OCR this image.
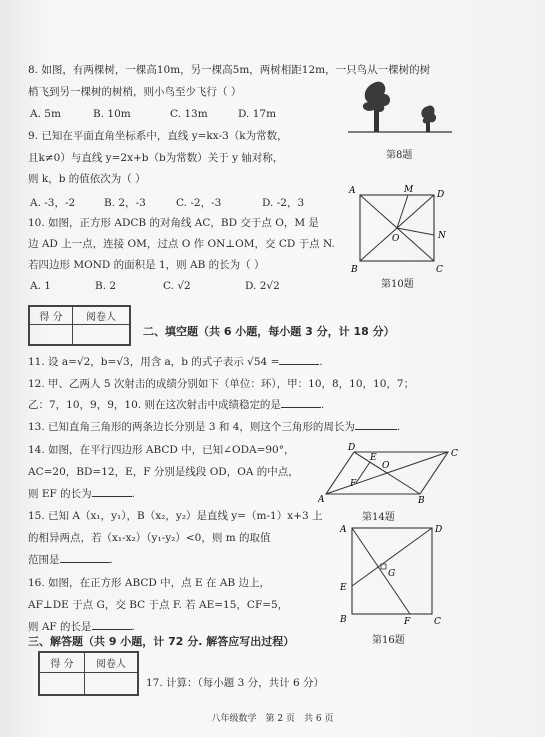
8. 如图，有两棵树，一棵高10m，另一棵高5m，两树相距12m，一只鸟从一棵树的树
梢飞到另一棵树的树梢，则小鸟至少飞行（ ）
A. 5m	B. 10m	C. 13m	D. 17m
第8题
9. 已知在平面直角坐标系中，直线 y=kx-3（k为常数，
且k≠0）与直线 y=2x+b（b为常数）关于 y 轴对称，
则 k，b 的值依次为（ ）
A. -3，-2	B. 2，-3	C. -2，-3	D. -2，3
10. 如图，正方形 ADCB 的对角线 AC，BD 交于点 O，M 是
边 AD 上一点，连接 OM，过点 O 作 ON⊥OM，交 CD 于点 N.
若四边形 MOND 的面积是 1，则 AB 的长为（ ）
A. 1	B. 2	C. √2	D. 2√2
A	M	D
O	N
B	C
第10题
得 分	阅卷人

二、填空题（共 6 小题，每小题 3 分，计 18 分）
11. 设 a=√2，b=√3，用含 a，b 的式子表示 √54 =	.
12. 甲、乙两人 5 次射击的成绩分别如下（单位：环），甲：10，8，10，10，7；
乙：7，10，9，9，10. 则在这次射击中成绩稳定的是	.
13. 已知直角三角形的两条边长分别是 3 和 4，则这个三角形的周长为	.
14. 如图，在平行四边形 ABCD 中，已知∠ODA=90°，
AC=20，BD=12，E，F 分别是线段 OD，OA 的中点，
则 EF 的长为	.
D
E
O
C
F
A	B
第14题
15. 已知 A（x₁，y₁），B（x₂，y₂）是直线 y=（m-1）x+3 上
的相异两点，若（x₁-x₂）（y₁-y₂）<0，则 m 的取值
范围是	.
16. 如图，在正方形 ABCD 中，点 E 在 AB 边上，
AF⊥DE 于点 G，交 BC 于点 F. 若 AE=15，CF=5，
则 AF 的长是	.
A	D
G
E
B	F	C
第16题
三、解答题（共 9 小题，计 72 分. 解答应写出过程）
得 分	阅卷人

17. 计算：（每小题 3 分，共计 6 分）
八年级数学　第 2 页　共 6 页
